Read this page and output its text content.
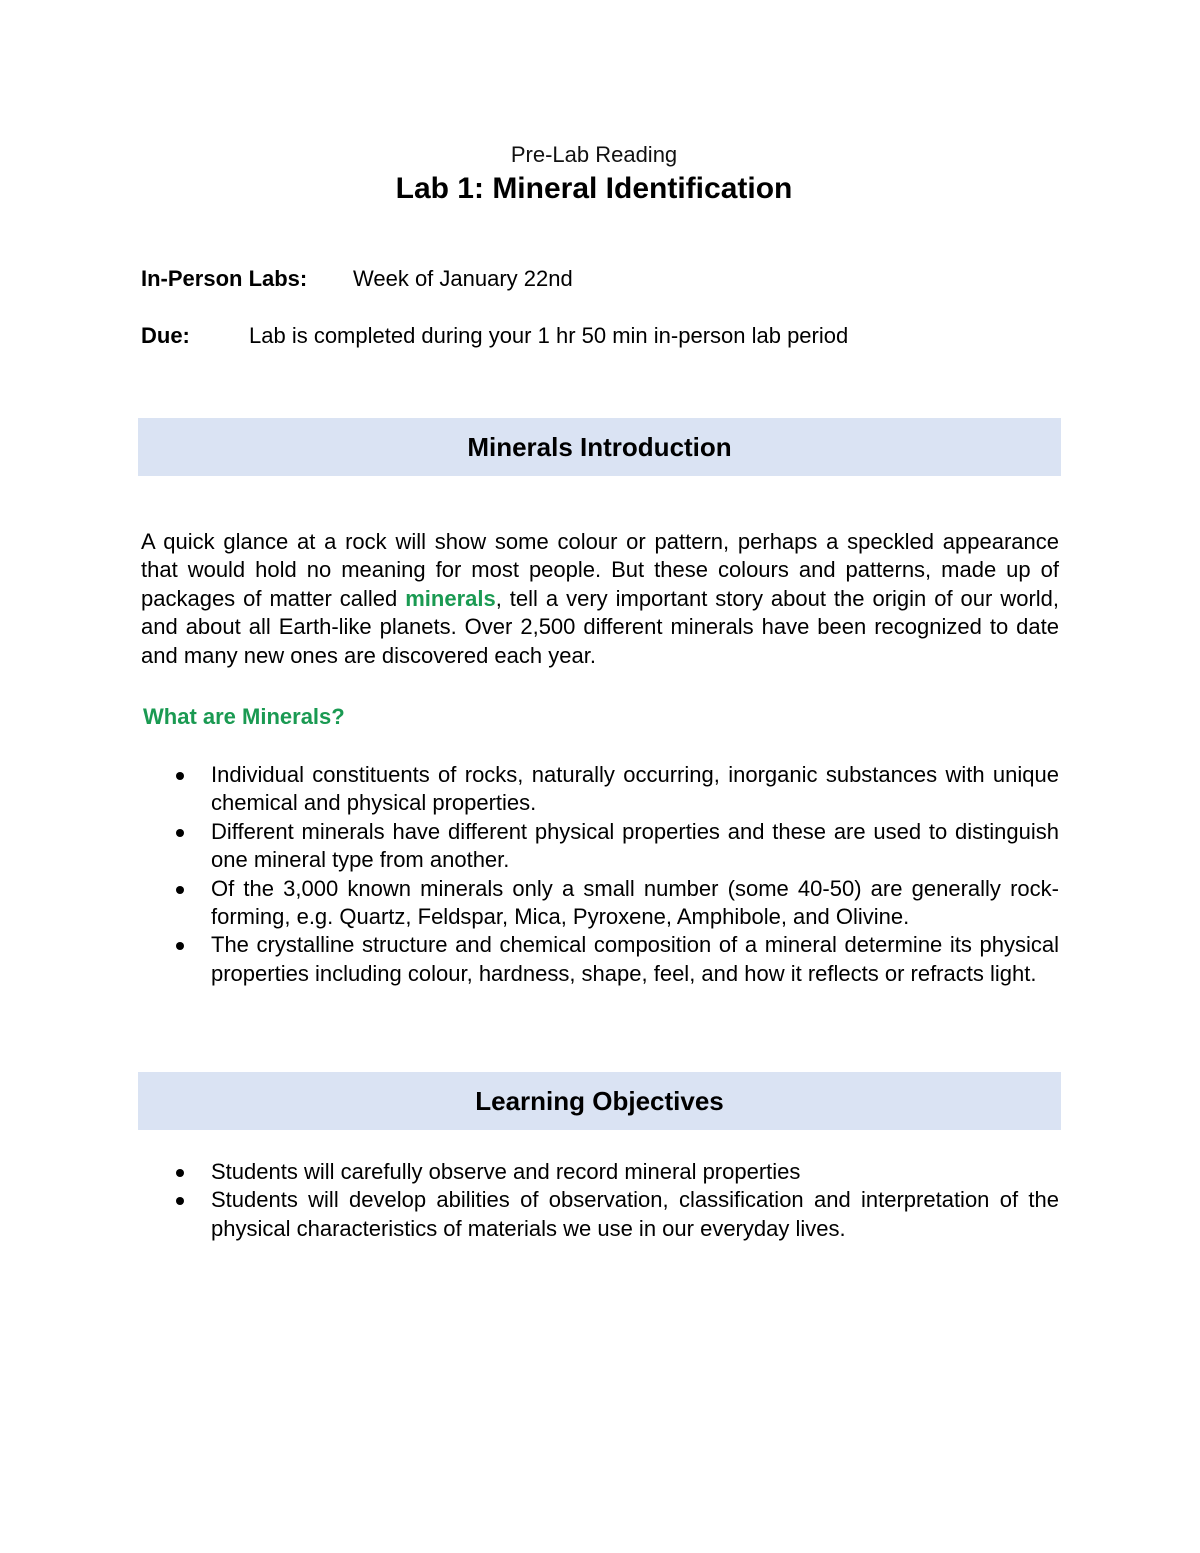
Pre-Lab Reading
Lab 1: Mineral Identification
In-Person Labs: Week of January 22nd
Due:	Lab is completed during your 1 hr 50 min in-person lab period
Minerals Introduction

A quick glance at a rock will show some colour or pattern, perhaps a speckled appearance that would hold no meaning for most people. But these colours and patterns, made up of packages of matter called minerals, tell a very important story about the origin of our world, and about all Earth-like planets. Over 2,500 different minerals have been recognized to date and many new ones are discovered each year.

What are Minerals?
Individual constituents of rocks, naturally occurring, inorganic substances with unique chemical and physical properties.
Different minerals have different physical properties and these are used to distinguish one mineral type from another.
Of the 3,000 known minerals only a small number (some 40-50) are generally rock-forming, e.g. Quartz, Feldspar, Mica, Pyroxene, Amphibole, and Olivine.
The crystalline structure and chemical composition of a mineral determine its physical properties including colour, hardness, shape, feel, and how it reflects or refracts light.
Learning Objectives
Students will carefully observe and record mineral properties
Students will develop abilities of observation, classification and interpretation of the physical characteristics of materials we use in our everyday lives.
